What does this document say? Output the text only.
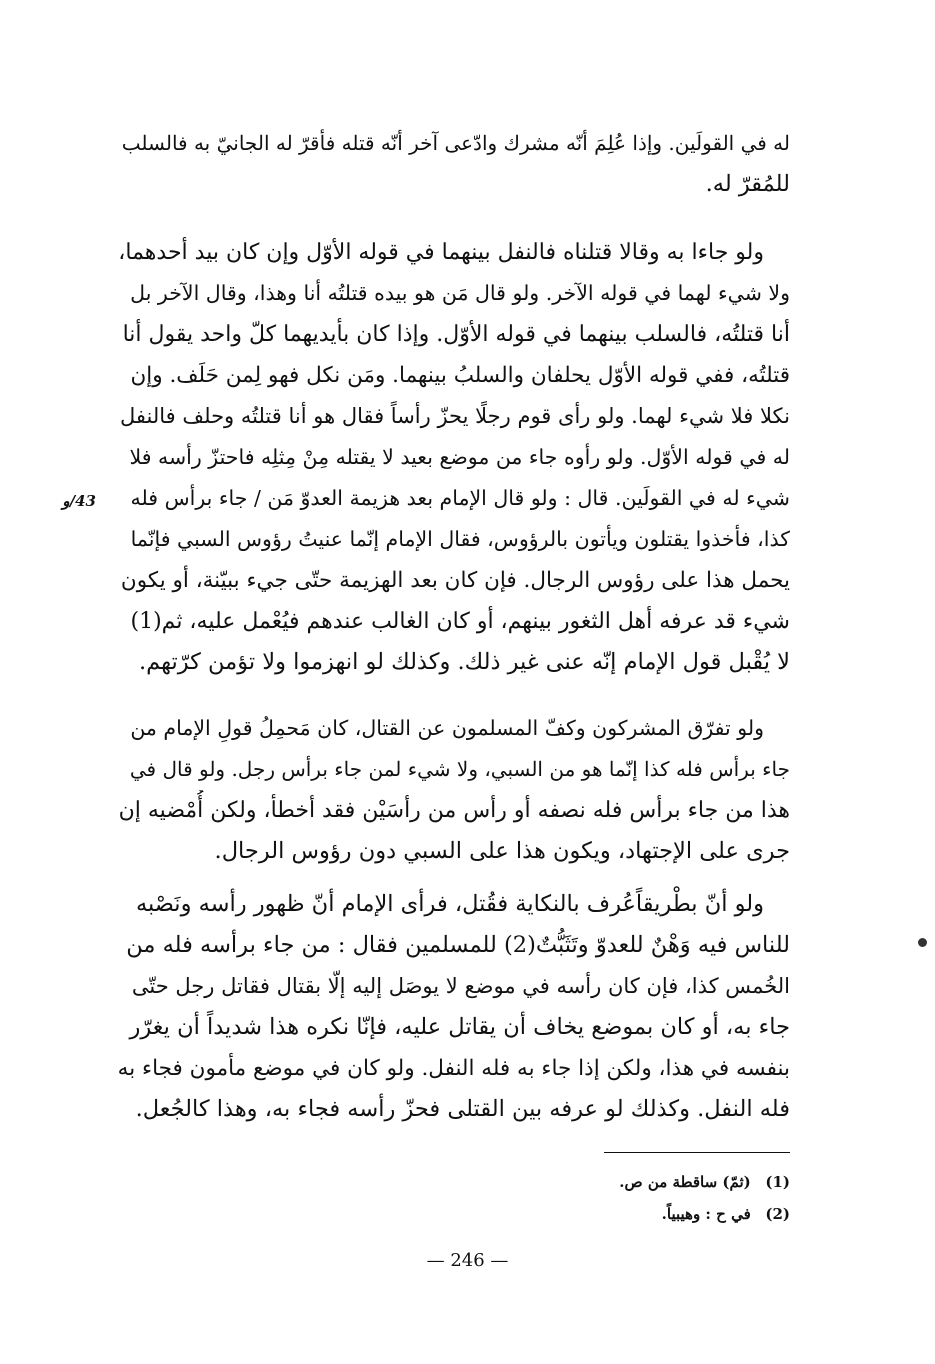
له في القولَين. وإذا عُلِمَ أنّه مشرك وادّعى آخر أنّه قتله فأقرّ له الجانيّ به فالسلب
للمُقرّ له.
ولو جاءا به وقالا قتلناه فالنفل بينهما في قوله الأوّل وإن كان بيد أحدهما،
ولا شيء لهما في قوله الآخر. ولو قال مَن هو بيده قتلتُه أنا وهذا، وقال الآخر بل
أنا قتلتُه، فالسلب بينهما في قوله الأوّل. وإذا كان بأيديهما كلّ واحد يقول أنا
قتلتُه، ففي قوله الأوّل يحلفان والسلبُ بينهما. ومَن نكل فهو لِمن حَلَف. وإن
نكلا فلا شيء لهما. ولو رأى قوم رجلًا يحزّ رأساً فقال هو أنا قتلتُه وحلف فالنفل
له في قوله الأوّل. ولو رأوه جاء من موضع بعيد لا يقتله مِنْ مِثلِه فاحتزّ رأسه فلا
شيء له في القولَين. قال : ولو قال الإمام بعد هزيمة العدوّ مَن / جاء برأس فله
كذا، فأخذوا يقتلون ويأتون بالرؤوس، فقال الإمام إنّما عنيتُ رؤوس السبي فإنّما
يحمل هذا على رؤوس الرجال. فإن كان بعد الهزيمة حتّى جيء ببيّنة، أو يكون
شيء قد عرفه أهل الثغور بينهم، أو كان الغالب عندهم فيُعْمل عليه، ثم(1)
لا يُقْبل قول الإمام إنّه عنى غير ذلك. وكذلك لو انهزموا ولا تؤمن كرّتهم.
ولو تفرّق المشركون وكفّ المسلمون عن القتال، كان مَحمِلُ قولِ الإمام من
جاء برأس فله كذا إنّما هو من السبي، ولا شيء لمن جاء برأس رجل. ولو قال في
هذا من جاء برأس فله نصفه أو رأس من رأسَيْن فقد أخطأ، ولكن أُمْضيه إن
جرى على الإجتهاد، ويكون هذا على السبي دون رؤوس الرجال.
ولو أنّ بطْريقاًعُرف بالنكاية فقُتل، فرأى الإمام أنّ ظهور رأسه ونَصْبه
للناس فيه وَهْنٌ للعدوّ وتَثَبُّتٌ(2) للمسلمين فقال : من جاء برأسه فله من
الخُمس كذا، فإن كان رأسه في موضع لا يوصَل إليه إلّا بقتال فقاتل رجل حتّى
جاء به، أو كان بموضع يخاف أن يقاتل عليه، فإنّا نكره هذا شديداً أن يغرّر
بنفسه في هذا، ولكن إذا جاء به فله النفل. ولو كان في موضع مأمون فجاء به
فله النفل. وكذلك لو عرفه بين القتلى فحزّ رأسه فجاء به، وهذا كالجُعل.
43/و
(1) (ثمّ) ساقطة من ص.
(2) في ح : وهيبياً.
— 246 —
